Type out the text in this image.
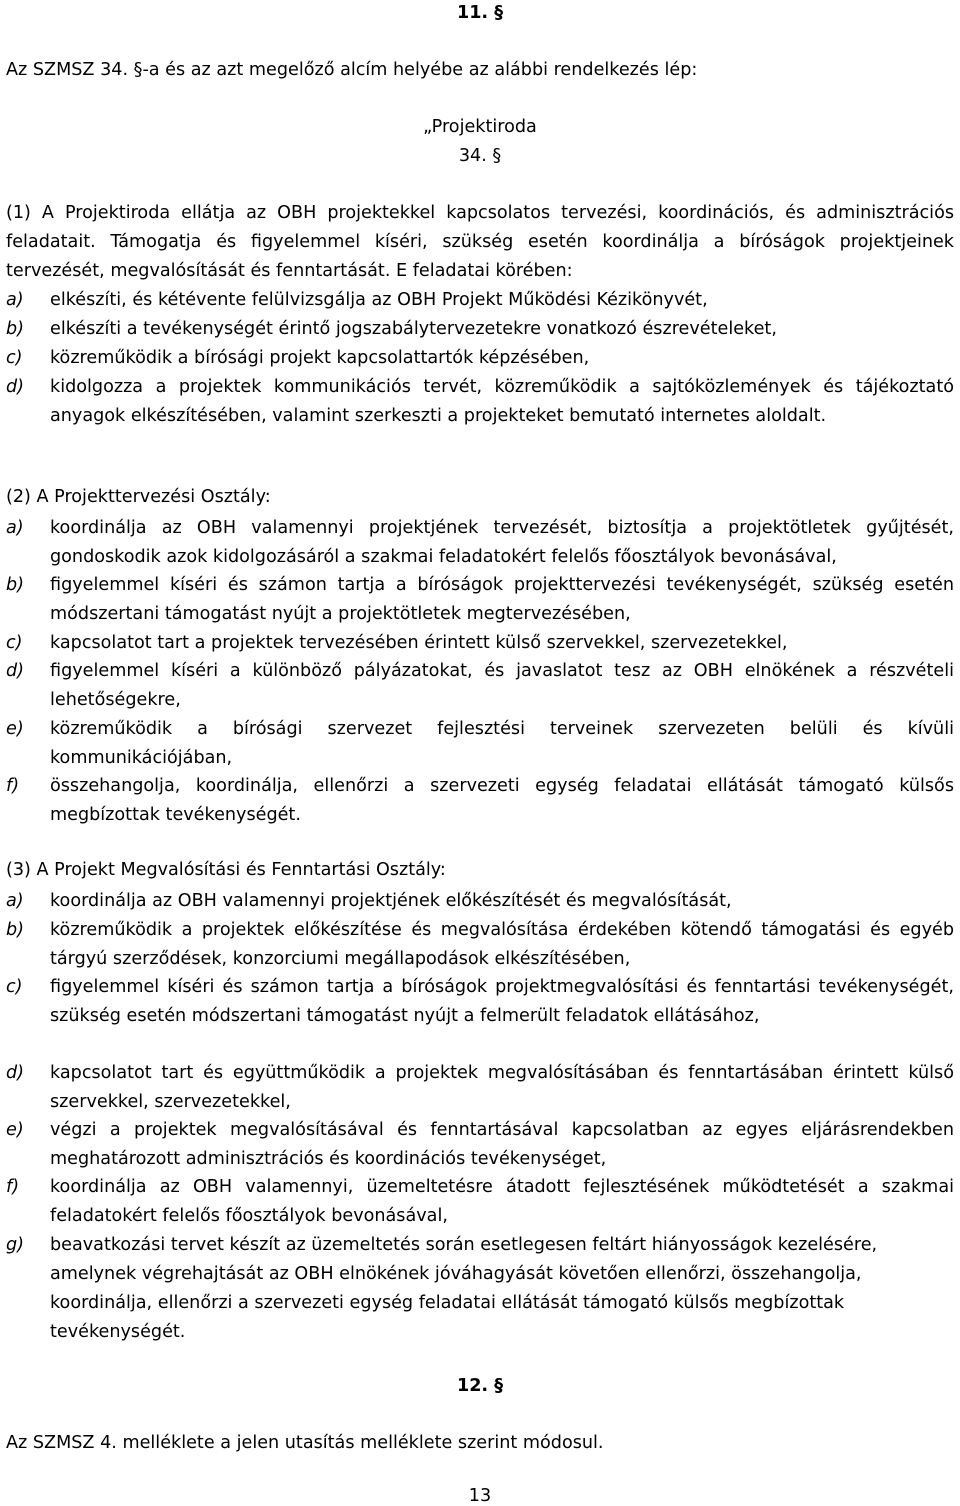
11. §
Az SZMSZ 34. §-a és az azt megelőző alcím helyébe az alábbi rendelkezés lép:
„Projektiroda
34. §
(1) A Projektiroda ellátja az OBH projektekkel kapcsolatos tervezési, koordinációs, és adminisztrációs feladatait. Támogatja és figyelemmel kíséri, szükség esetén koordinálja a bíróságok projektjeinek tervezését, megvalósítását és fenntartását. E feladatai körében:
a) elkészíti, és kétévente felülvizsgálja az OBH Projekt Működési Kézikönyvét,
b) elkészíti a tevékenységét érintő jogszabálytervezetekre vonatkozó észrevételeket,
c) közreműködik a bírósági projekt kapcsolattartók képzésében,
d) kidolgozza a projektek kommunikációs tervét, közreműködik a sajtóközlemények és tájékoztató anyagok elkészítésében, valamint szerkeszti a projekteket bemutató internetes aloldalt.
(2) A Projekttervezési Osztály:
a) koordinálja az OBH valamennyi projektjének tervezését, biztosítja a projektötletek gyűjtését, gondoskodik azok kidolgozásáról a szakmai feladatokért felelős főosztályok bevonásával,
b) figyelemmel kíséri és számon tartja a bíróságok projekttervezési tevékenységét, szükség esetén módszertani támogatást nyújt a projektötletek megtervezésében,
c) kapcsolatot tart a projektek tervezésében érintett külső szervekkel, szervezetekkel,
d) figyelemmel kíséri a különböző pályázatokat, és javaslatot tesz az OBH elnökének a részvételi lehetőségekre,
e) közreműködik a bírósági szervezet fejlesztési terveinek szervezeten belüli és kívüli kommunikációjában,
f) összehangolja, koordinálja, ellenőrzi a szervezeti egység feladatai ellátását támogató külsős megbízottak tevékenységét.
(3) A Projekt Megvalósítási és Fenntartási Osztály:
a) koordinálja az OBH valamennyi projektjének előkészítését és megvalósítását,
b) közreműködik a projektek előkészítése és megvalósítása érdekében kötendő támogatási és egyéb tárgyú szerződések, konzorciumi megállapodások elkészítésében,
c) figyelemmel kíséri és számon tartja a bíróságok projektmegvalósítási és fenntartási tevékenységét, szükség esetén módszertani támogatást nyújt a felmerült feladatok ellátásához,
d) kapcsolatot tart és együttműködik a projektek megvalósításában és fenntartásában érintett külső szervekkel, szervezetekkel,
e) végzi a projektek megvalósításával és fenntartásával kapcsolatban az egyes eljárásrendekben meghatározott adminisztrációs és koordinációs tevékenységet,
f) koordinálja az OBH valamennyi, üzemeltetésre átadott fejlesztésének működtetését a szakmai feladatokért felelős főosztályok bevonásával,
g) beavatkozási tervet készít az üzemeltetés során esetlegesen feltárt hiányosságok kezelésére, amelynek végrehajtását az OBH elnökének jóváhagyását követően ellenőrzi, összehangolja, koordinálja, ellenőrzi a szervezeti egység feladatai ellátását támogató külsős megbízottak tevékenységét.
12. §
Az SZMSZ 4. melléklete a jelen utasítás melléklete szerint módosul.
13
